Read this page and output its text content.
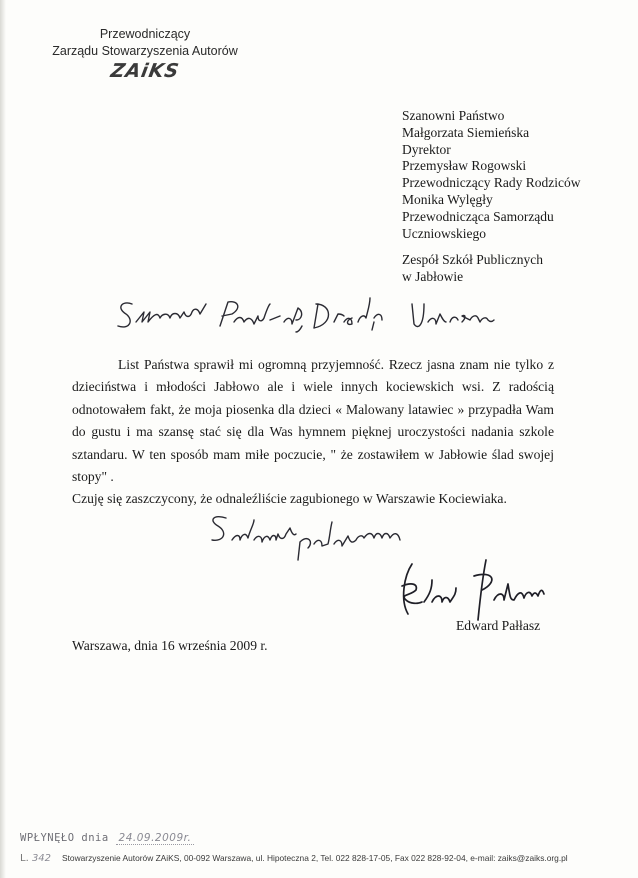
Przewodniczący
Zarządu Stowarzyszenia Autorów
ZAiKS
Szanowni Państwo
Małgorzata Siemieńska
Dyrektor
Przemysław Rogowski
Przewodniczący Rady Rodziców
Monika Wylęgły
Przewodnicząca Samorządu
Uczniowskiego
Zespół Szkół Publicznych
w Jabłowie

List Państwa sprawił mi ogromną przyjemność. Rzecz jasna znam nie tylko z dzieciństwa i młodości Jabłowo ale i wiele innych kociewskich wsi. Z radością odnotowałem fakt, że moja piosenka dla dzieci « Malowany latawiec » przypadła Wam do gustu i ma szansę stać się dla Was hymnem pięknej uroczystości nadania szkole sztandaru. W ten sposób mam miłe poczucie, " że zostawiłem w Jabłowie ślad swojej stopy" .

Czuję się zaszczycony, że odnaleźliście zagubionego w Warszawie Kociewiaka.

Edward Pałłasz
Warszawa, dnia 16 września 2009 r.
WPŁYNĘŁO dnia 24.09.2009r.
L. 342 Stowarzyszenie Autorów ZAiKS, 00-092 Warszawa, ul. Hipoteczna 2, Tel. 022 828-17-05, Fax 022 828-92-04, e-mail: zaiks@zaiks.org.pl
